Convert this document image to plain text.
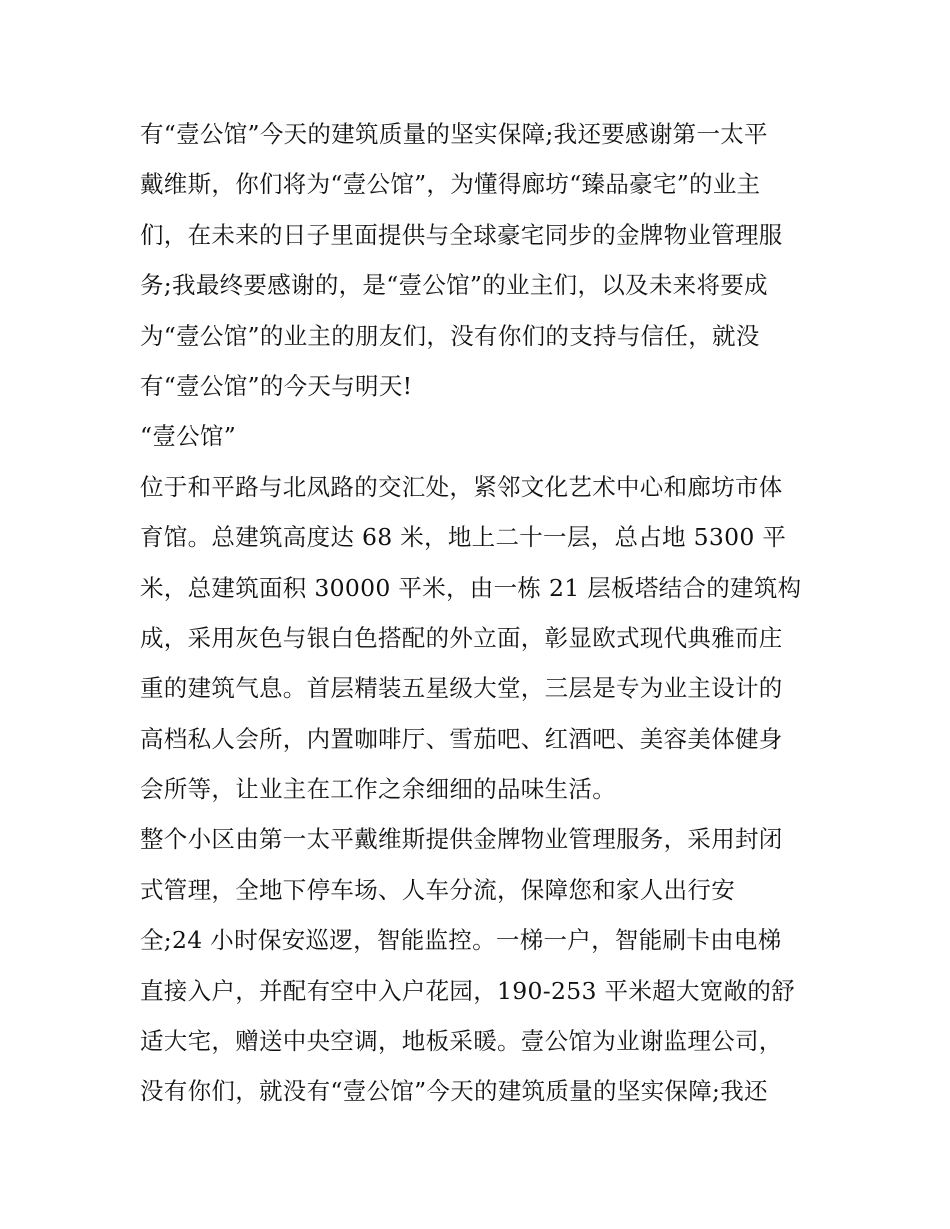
有“壹公馆”今天的建筑质量的坚实保障;我还要感谢第一太平
戴维斯，你们将为“壹公馆”，为懂得廊坊“臻品豪宅”的业主
们，在未来的日子里面提供与全球豪宅同步的金牌物业管理服
务;我最终要感谢的，是“壹公馆”的业主们，以及未来将要成
为“壹公馆”的业主的朋友们，没有你们的支持与信任，就没
有“壹公馆”的今天与明天!
“壹公馆”
位于和平路与北凤路的交汇处，紧邻文化艺术中心和廊坊市体
育馆。总建筑高度达 68 米，地上二十一层，总占地 5300 平
米，总建筑面积 30000 平米，由一栋 21 层板塔结合的建筑构
成，采用灰色与银白色搭配的外立面，彰显欧式现代典雅而庄
重的建筑气息。首层精装五星级大堂，三层是专为业主设计的
高档私人会所，内置咖啡厅、雪茄吧、红酒吧、美容美体健身
会所等，让业主在工作之余细细的品味生活。
整个小区由第一太平戴维斯提供金牌物业管理服务，采用封闭
式管理，全地下停车场、人车分流，保障您和家人出行安
全;24 小时保安巡逻，智能监控。一梯一户，智能刷卡由电梯
直接入户，并配有空中入户花园，190-253 平米超大宽敞的舒
适大宅，赠送中央空调，地板采暖。壹公馆为业谢监理公司，
没有你们，就没有“壹公馆”今天的建筑质量的坚实保障;我还
